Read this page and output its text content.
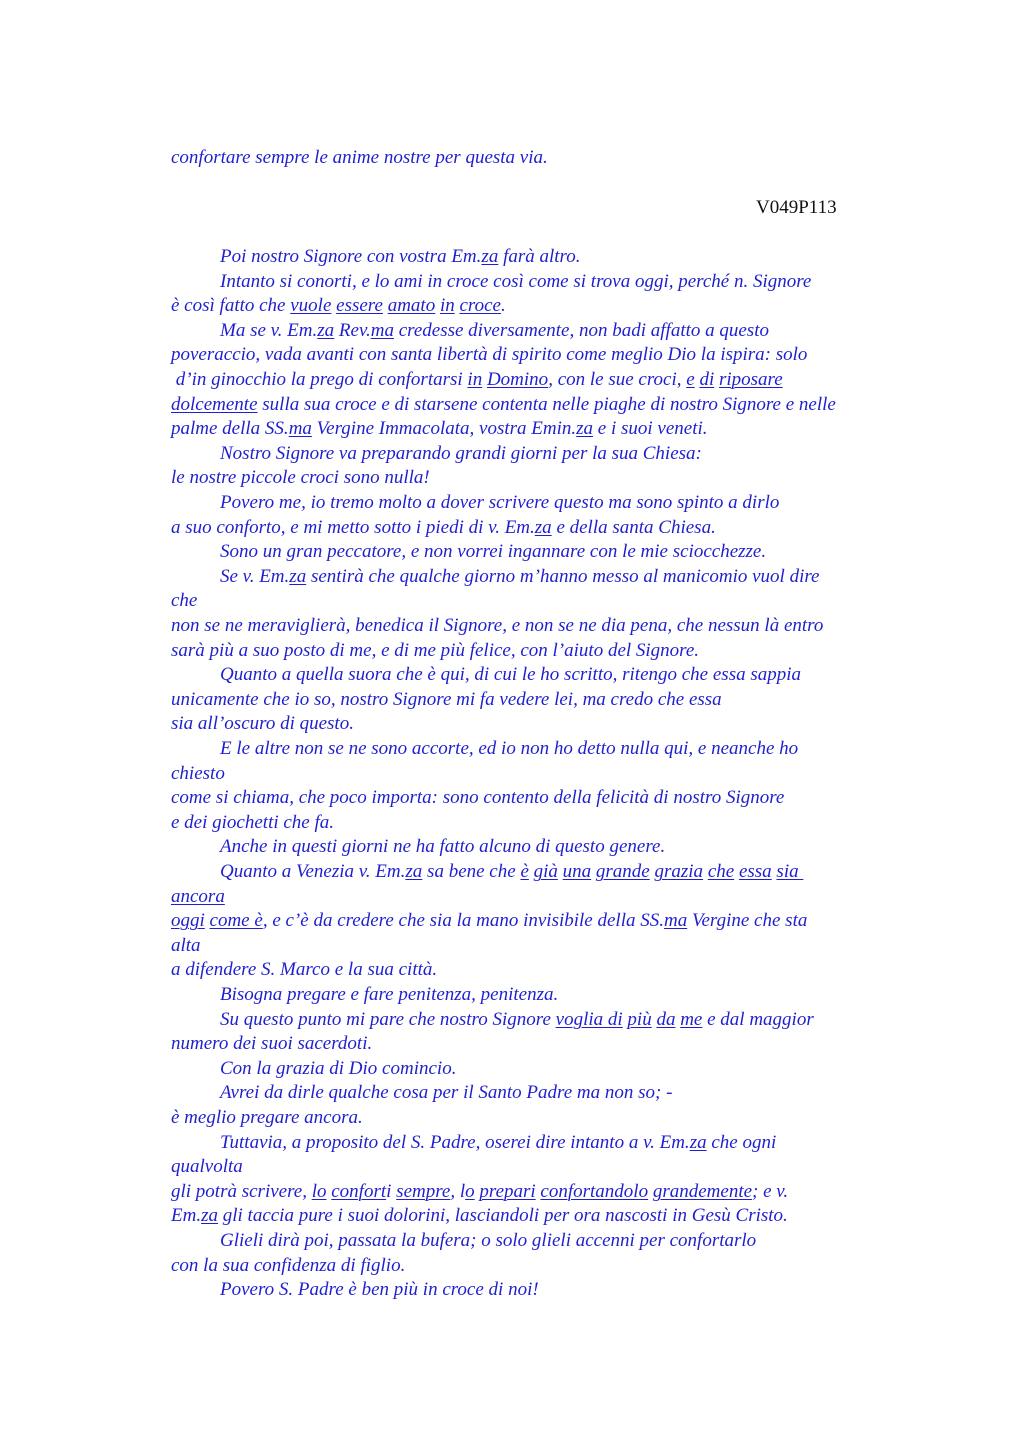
V049P113
confortare sempre le anime nostre per questa via.
Poi nostro Signore con vostra Em.za farà altro.
Intanto si conorti, e lo ami in croce così come si trova oggi, perché n. Signore
è così fatto che vuole essere amato in croce.
Ma se v. Em.za Rev.ma credesse diversamente, non badi affatto a questo
poveraccio, vada avanti con santa libertà di spirito come meglio Dio la ispira: solo
d’in ginocchio la prego di confortarsi in Domino, con le sue croci, e di riposare
dolcemente sulla sua croce e di starsene contenta nelle piaghe di nostro Signore e nelle
palme della SS.ma Vergine Immacolata, vostra Emin.za e i suoi veneti.
Nostro Signore va preparando grandi giorni per la sua Chiesa:
le nostre piccole croci sono nulla!
Povero me, io tremo molto a dover scrivere questo ma sono spinto a dirlo
a suo conforto, e mi metto sotto i piedi di v. Em.za e della santa Chiesa.
Sono un gran peccatore, e non vorrei ingannare con le mie sciocchezze.
Se v. Em.za sentirà che qualche giorno m’hanno messo al manicomio vuol dire
che
non se ne meraviglierà, benedica il Signore, e non se ne dia pena, che nessun là entro
sarà più a suo posto di me, e di me più felice, con l’aiuto del Signore.
Quanto a quella suora che è qui, di cui le ho scritto, ritengo che essa sappia
unicamente che io so, nostro Signore mi fa vedere lei, ma credo che essa
sia all’oscuro di questo.
E le altre non se ne sono accorte, ed io non ho detto nulla qui, e neanche ho
chiesto
come si chiama, che poco importa: sono contento della felicità di nostro Signore
e dei giochetti che fa.
Anche in questi giorni ne ha fatto alcuno di questo genere.
Quanto a Venezia v. Em.za sa bene che è già una grande grazia che essa sia
ancora
oggi come è, e c’è da credere che sia la mano invisibile della SS.ma Vergine che sta
alta
a difendere S. Marco e la sua città.
Bisogna pregare e fare penitenza, penitenza.
Su questo punto mi pare che nostro Signore voglia di più da me e dal maggior
numero dei suoi sacerdoti.
Con la grazia di Dio comincio.
Avrei da dirle qualche cosa per il Santo Padre ma non so; -
è meglio pregare ancora.
Tuttavia, a proposito del S. Padre, oserei dire intanto a v. Em.za che ogni
qualvolta
gli potrà scrivere, lo conforti sempre, lo prepari confortandolo grandemente; e v.
Em.za gli taccia pure i suoi dolorini, lasciandoli per ora nascosti in Gesù Cristo.
Glieli dirà poi, passata la bufera; o solo glieli accenni per confortarlo
con la sua confidenza di figlio.
Povero S. Padre è ben più in croce di noi!
